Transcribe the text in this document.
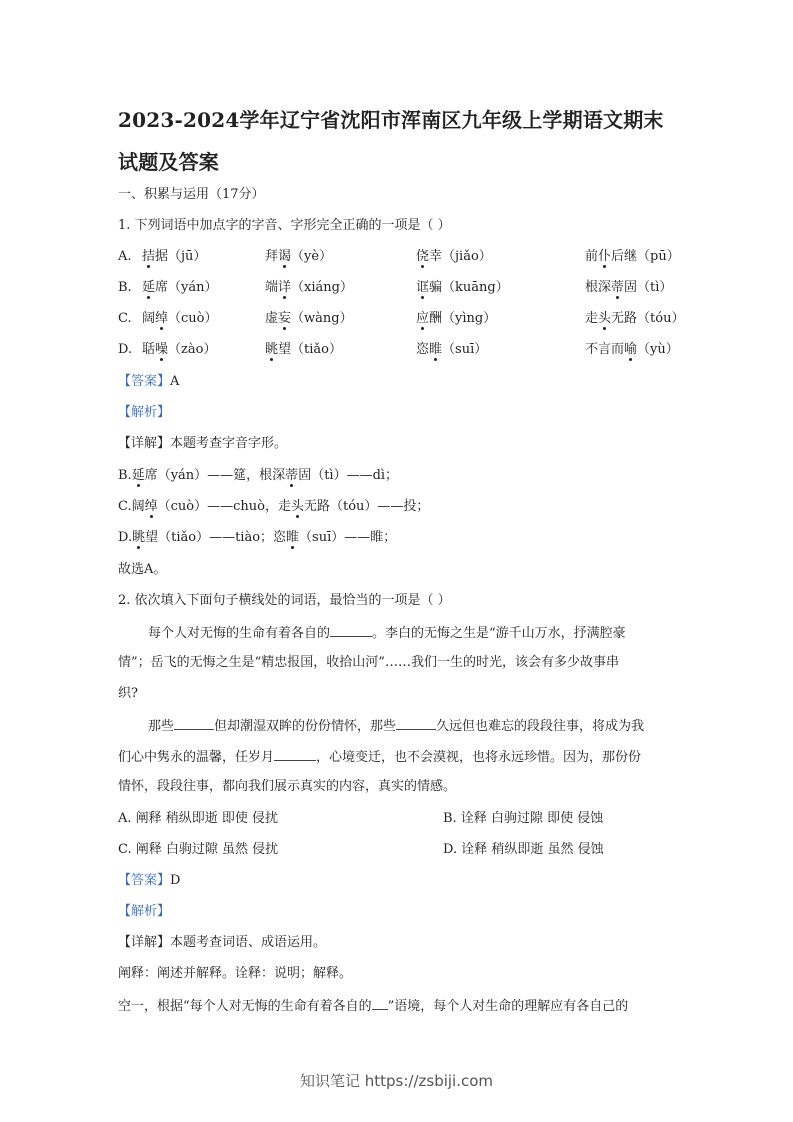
2023-2024学年辽宁省沈阳市浑南区九年级上学期语文期末
试题及答案
一、积累与运用（17分）
1. 下列词语中加点字的字音、字形完全正确的一项是（ ）
A. 拮据（jū）	拜谒（yè）	侥幸（jiǎo）	前仆后继（pū）
B. 延席（yán）	端详（xiáng）	诓骗（kuāng）	根深蒂固（tì）
C. 阔绰（cuò）	虚妄（wàng）	应酬（yìng）	走头无路（tóu）
D. 聒噪（zào）	眺望（tiǎo）	恣睢（suī）	不言而喻（yù）
【答案】A
【解析】
【详解】本题考查字音字形。
B.延席（yán）——筵，根深蒂固（tì）——dì；
C.阔绰（cuò）——chuò，走头无路（tóu）——投；
D.眺望（tiǎo）——tiào；恣睢（suī）——睢；
故选A。
2. 依次填入下面句子横线处的词语，最恰当的一项是（ ）
每个人对无悔的生命有着各自的	。李白的无悔之生是“游千山万水，抒满腔豪
情”；岳飞的无悔之生是“精忠报国，收拾山河”……我们一生的时光，该会有多少故事串
织?
那些	但却潮湿双眸的份份情怀，那些	久远但也难忘的段段往事，将成为我
们心中隽永的温馨，任岁月	，心境变迁，也不会漠视，也将永远珍惜。因为，那份份
情怀，段段往事，都向我们展示真实的内容，真实的情感。
A. 阐释 稍纵即逝 即使 侵扰	B. 诠释 白驹过隙 即使 侵蚀
C. 阐释 白驹过隙 虽然 侵扰	D. 诠释 稍纵即逝 虽然 侵蚀
【答案】D
【解析】
【详解】本题考查词语、成语运用。
阐释：阐述并解释。诠释：说明；解释。
空一，根据“每个人对无悔的生命有着各自的 ”语境，每个人对生命的理解应有各自己的
知识笔记 https://zsbiji.com
